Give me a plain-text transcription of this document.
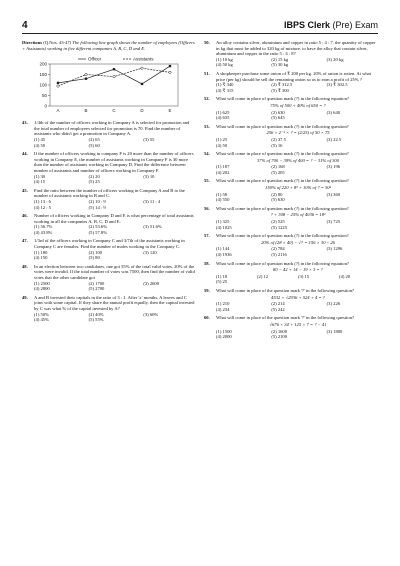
4	IBPS Clerk (Pre) Exam
Directions (Q.Nos. 43-47) The following line graph shows the number of employees (Officers + Assistants) working in five different companies A, B, C, D and E.
0
50
100
150
200
A	B	C	D	E
Officer	Assistants
43. 1/4th of the number of officers working in Company A is selected for promotion and the total number of employees selected for promotion is 70. Find the number of assistants who didn't get a promotion in Company A.
(1) 45	(2) 65	(3) 55
(4) 50	(5) 60
44. If the number of officers working in company F is 20 more than the number of officers working in Company E, the number of assistants working in Company F is 30 more than the number of assistants working in Company D. Find the difference between number of assistants and number of officers working in Company F.
(1) 30	(2) 20	(3) 10
(4) 15	(5) 25
45. Find the ratio between the number of officers working in Company A and B to the number of assistants working in B and C.
(1) 13 : 6	(2) 10 : 9	(3) 11 : 4
(4) 12 : 5	(5) 14 : 9
46. Number of officers working in Company D and E is what percentage of total assistants working in all the companies A, B, C, D and E.
(1) 56.7%	(2) 53.6%	(3) 51.6%
(4) 43.8%	(5) 57.8%
47. 1/3rd of the officers working in Company C and 3/7th of the assistants working in Company C are females. Find the number of males working in the Company C.
(1) 180	(2) 100	(3) 120
(4) 150	(5) 80
48. In an election between two candidates, one got 55% of the total valid votes, 20% of the votes were invalid. If the total number of votes was 7500, then find the number of valid votes that the other candidate got
(1) 2500	(2) 1700	(3) 2600
(4) 2800	(5) 2700
49. A and B invested their capitals in the ratio of 3 : 1. After 'x' months, A leaves and C joins with some capital. If they share the annual profit equally, then the capital invested by C was what % of the capital invested by A?
(1) 50%	(2) 40%	(3) 60%
(4) 45%	(5) 55%
50. An alloy contains silver, aluminium and copper in ratio 5 : 4 : 7, the quantity of copper in kg that must be added to 320 kg of mixture, to have the alloy that contain silver, aluminium and copper in the ratio 5 : 4 : 8?
(1) 10 kg	(2) 15 kg	(3) 20 kg
(4) 50 kg	(5) 30 kg
51. A shopkeeper purchase some onion of ₹ 200 per kg. 20% of onion is rotten. At what price (per kg) should he sell the remaining onion so as to earn a profit of 25% ?
(1) ₹ 340	(2) ₹ 312.5	(3) ₹ 302.5
(4) ₹ 315	(5) ₹ 300
52. What will come in place of question mark (?) in the following equation?
75% of 500 + 40% of 650 = ?
(1) 625	(2) 630	(3) 640
(4) 635	(5) 645
53. What will come in place of question mark (?) in the following question?
256 × 2⁻³ × ? = (2/25) of 50 × 75
(1) 25	(2) 37.5	(3) 22.5
(4) 50	(5) 16
54. What will come in place of question mark (?) in the following question?
37% of 700 − 39% of 400 = ? − 31% of 300
(1) 187	(2) 168	(3) 196
(4) 202	(5) 205
55. What will come in place of question mark (?) in the following question?
150% of 220 + 8² + 10% of ? = 30²
(1) 58	(2) 80	(3) 360
(4) 550	(5) 630
56. What will come in place of question mark (?) in the following question?
? + 308 − 25% of 4036 = 18²
(1) 325	(2) 525	(3) 725
(4) 1025	(5) 1225
57. What will come in place of question mark (?) in the following question?
20% of (28 × 40) − √? = 156 × 30 ÷ 26
(1) 144	(2) 784	(3) 1296
(4) 1936	(5) 2116
58. What will come in place of question mark (?) in the following equation?
80 − 42 + 14 − 19 × 3 = ?
(1) 18	(2) 12	(3) 15	(4) 20
(5) 25
59. What will come in place of the question mark '?' in the following question?
4532 + √2936 + 524 + 4 = ?
(1) 210	(2) 214	(3) 226
(4) 234	(5) 242
60. What will come in place of the question mark '?' in the following question?
√676 × 34 + 125 × 7 = ? − 41
(1) 1500	(2) 1600	(3) 1800
(4) 2000	(5) 2100
